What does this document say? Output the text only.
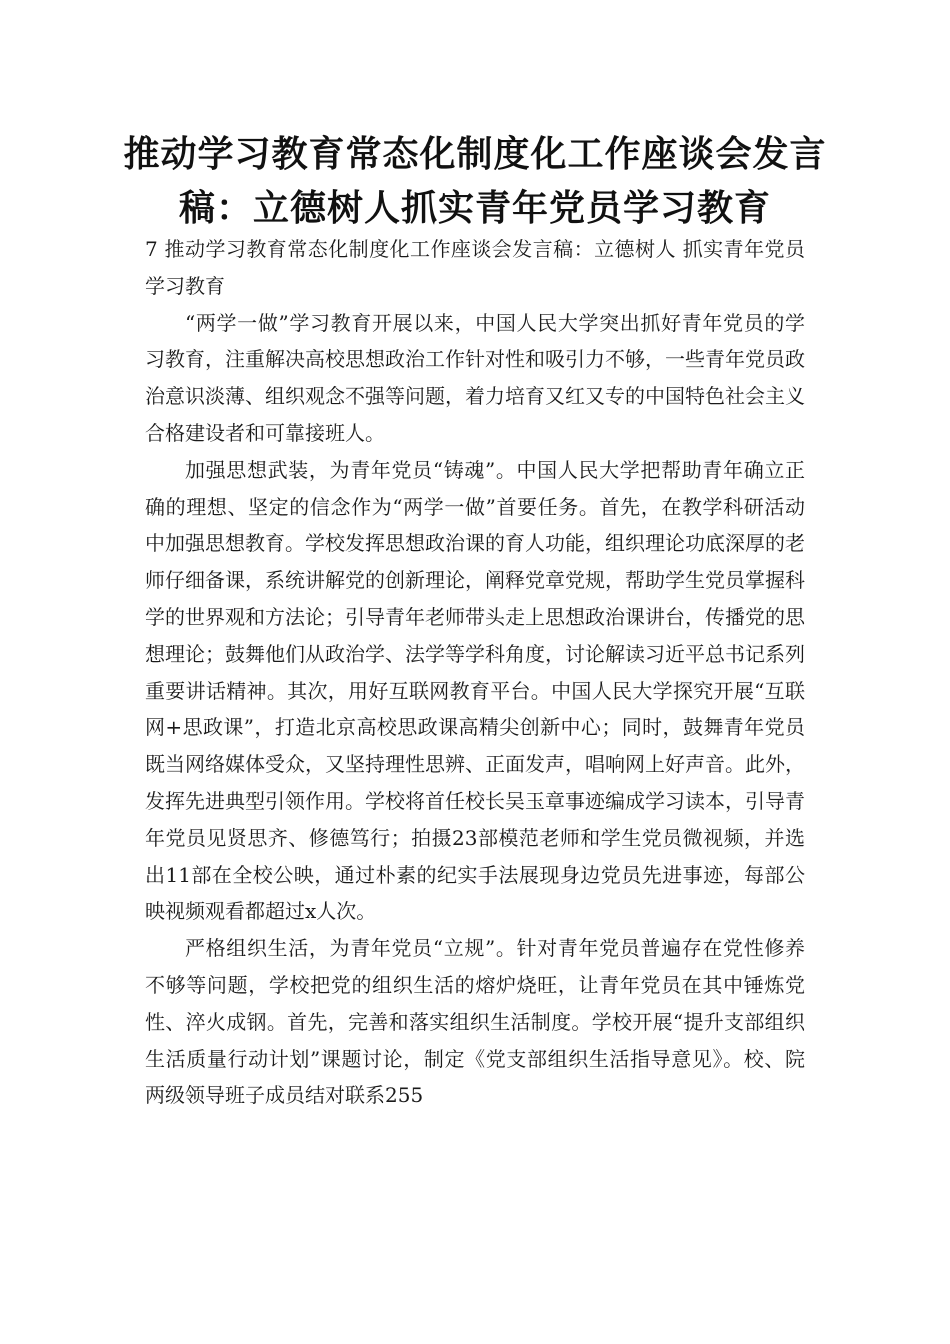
推动学习教育常态化制度化工作座谈会发言稿：立德树人抓实青年党员学习教育

7 推动学习教育常态化制度化工作座谈会发言稿：立德树人 抓实青年党员学习教育

“两学一做”学习教育开展以来，中国人民大学突出抓好青年党员的学习教育，注重解决高校思想政治工作针对性和吸引力不够，一些青年党员政治意识淡薄、组织观念不强等问题，着力培育又红又专的中国特色社会主义合格建设者和可靠接班人。

加强思想武装，为青年党员“铸魂”。中国人民大学把帮助青年确立正确的理想、坚定的信念作为“两学一做”首要任务。首先，在教学科研活动中加强思想教育。学校发挥思想政治课的育人功能，组织理论功底深厚的老师仔细备课，系统讲解党的创新理论，阐释党章党规，帮助学生党员掌握科学的世界观和方法论；引导青年老师带头走上思想政治课讲台，传播党的思想理论；鼓舞他们从政治学、法学等学科角度，讨论解读习近平总书记系列重要讲话精神。其次，用好互联网教育平台。中国人民大学探究开展“互联网+思政课”，打造北京高校思政课高精尖创新中心；同时，鼓舞青年党员既当网络媒体受众，又坚持理性思辨、正面发声，唱响网上好声音。此外，发挥先进典型引领作用。学校将首任校长吴玉章事迹编成学习读本，引导青年党员见贤思齐、修德笃行；拍摄23部模范老师和学生党员微视频，并选出11部在全校公映，通过朴素的纪实手法展现身边党员先进事迹，每部公映视频观看都超过x人次。

严格组织生活，为青年党员“立规”。针对青年党员普遍存在党性修养不够等问题，学校把党的组织生活的熔炉烧旺，让青年党员在其中锤炼党性、淬火成钢。首先，完善和落实组织生活制度。学校开展“提升支部组织生活质量行动计划”课题讨论，制定《党支部组织生活指导意见》。校、院两级领导班子成员结对联系255
